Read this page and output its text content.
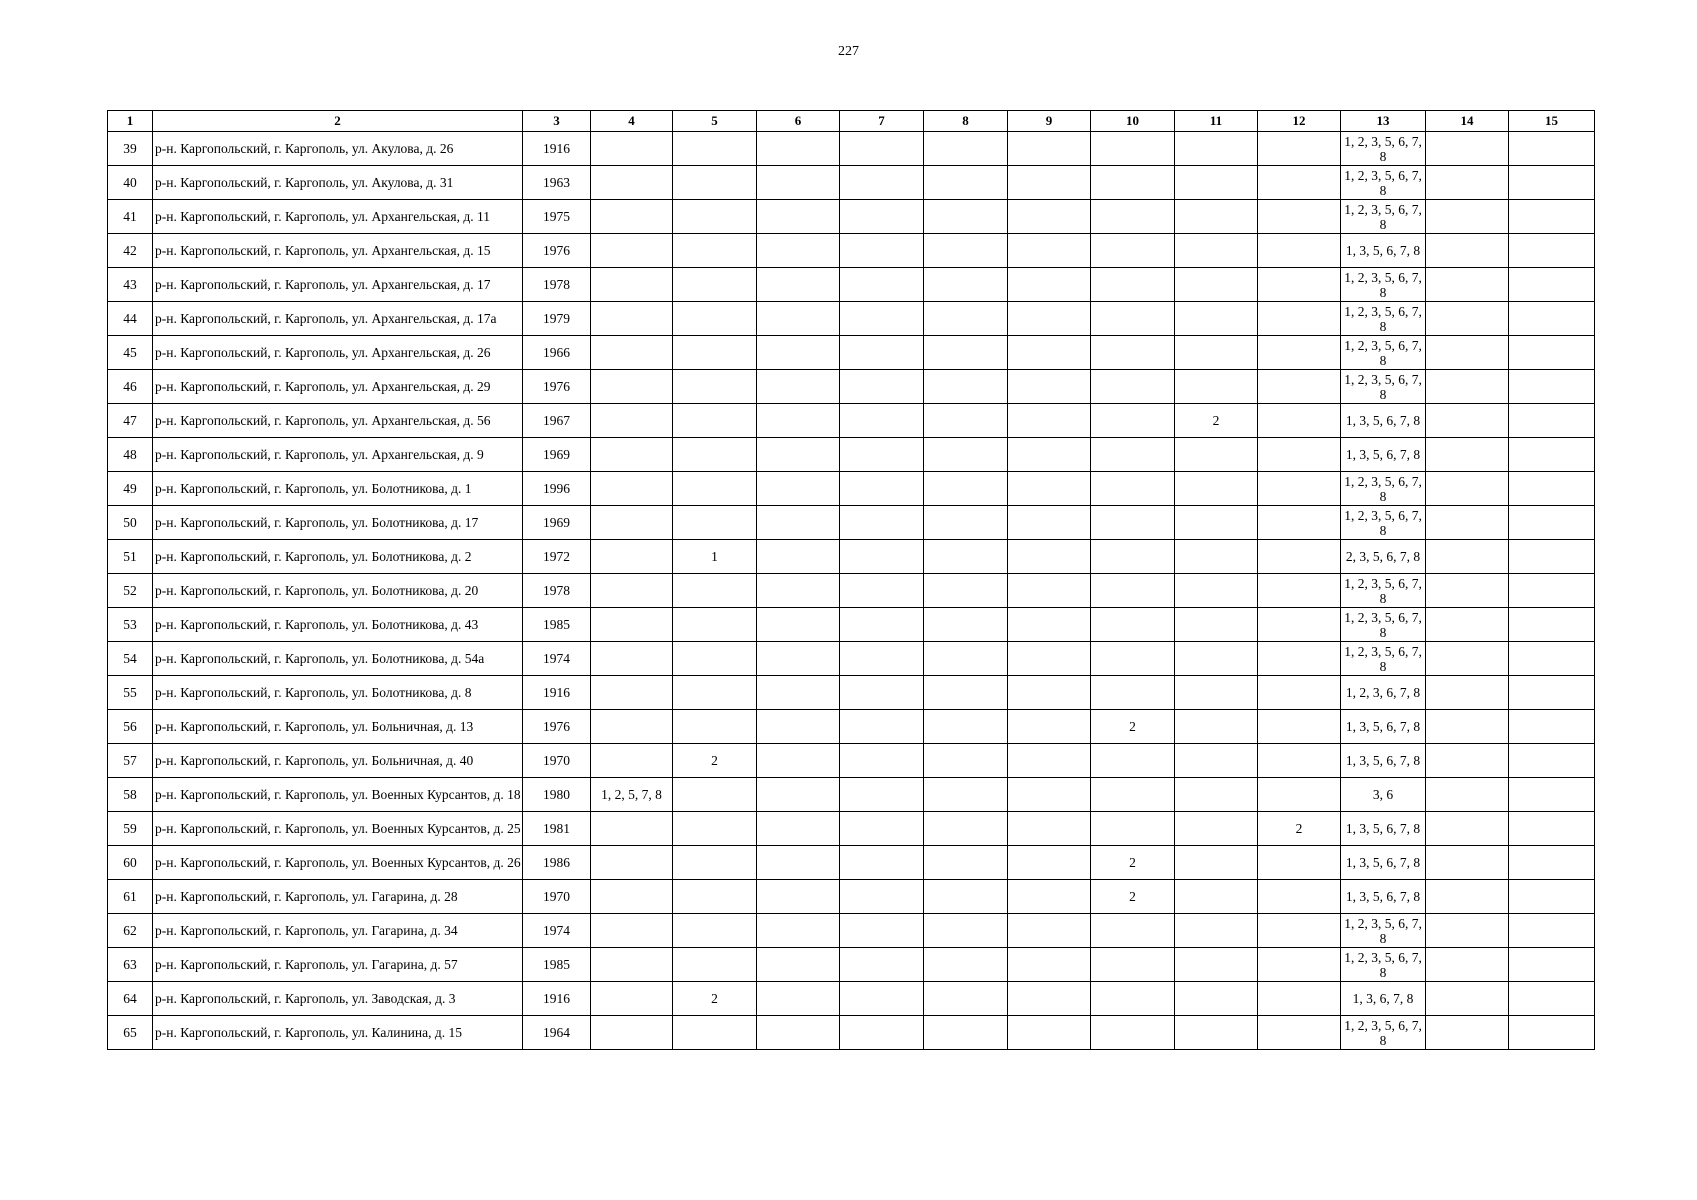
227
1	2	3	4	5	6	7	8	9	10	11	12	13	14	15
39	р-н. Каргопольский, г. Каргополь, ул. Акулова, д. 26	1916										1, 2, 3, 5, 6, 7, 8		
40	р-н. Каргопольский, г. Каргополь, ул. Акулова, д. 31	1963										1, 2, 3, 5, 6, 7, 8		
41	р-н. Каргопольский, г. Каргополь, ул. Архангельская, д. 11	1975										1, 2, 3, 5, 6, 7, 8		
42	р-н. Каргопольский, г. Каргополь, ул. Архангельская, д. 15	1976										1, 3, 5, 6, 7, 8		
43	р-н. Каргопольский, г. Каргополь, ул. Архангельская, д. 17	1978										1, 2, 3, 5, 6, 7, 8		
44	р-н. Каргопольский, г. Каргополь, ул. Архангельская, д. 17а	1979										1, 2, 3, 5, 6, 7, 8		
45	р-н. Каргопольский, г. Каргополь, ул. Архангельская, д. 26	1966										1, 2, 3, 5, 6, 7, 8		
46	р-н. Каргопольский, г. Каргополь, ул. Архангельская, д. 29	1976										1, 2, 3, 5, 6, 7, 8		
47	р-н. Каргопольский, г. Каргополь, ул. Архангельская, д. 56	1967								2		1, 3, 5, 6, 7, 8		
48	р-н. Каргопольский, г. Каргополь, ул. Архангельская, д. 9	1969										1, 3, 5, 6, 7, 8		
49	р-н. Каргопольский, г. Каргополь, ул. Болотникова, д. 1	1996										1, 2, 3, 5, 6, 7, 8		
50	р-н. Каргопольский, г. Каргополь, ул. Болотникова, д. 17	1969										1, 2, 3, 5, 6, 7, 8		
51	р-н. Каргопольский, г. Каргополь, ул. Болотникова, д. 2	1972		1								2, 3, 5, 6, 7, 8		
52	р-н. Каргопольский, г. Каргополь, ул. Болотникова, д. 20	1978										1, 2, 3, 5, 6, 7, 8		
53	р-н. Каргопольский, г. Каргополь, ул. Болотникова, д. 43	1985										1, 2, 3, 5, 6, 7, 8		
54	р-н. Каргопольский, г. Каргополь, ул. Болотникова, д. 54а	1974										1, 2, 3, 5, 6, 7, 8		
55	р-н. Каргопольский, г. Каргополь, ул. Болотникова, д. 8	1916										1, 2, 3, 6, 7, 8		
56	р-н. Каргопольский, г. Каргополь, ул. Больничная, д. 13	1976							2			1, 3, 5, 6, 7, 8		
57	р-н. Каргопольский, г. Каргополь, ул. Больничная, д. 40	1970		2								1, 3, 5, 6, 7, 8		
58	р-н. Каргопольский, г. Каргополь, ул. Военных Курсантов, д. 18	1980	1, 2, 5, 7, 8									3, 6		
59	р-н. Каргопольский, г. Каргополь, ул. Военных Курсантов, д. 25	1981									2	1, 3, 5, 6, 7, 8		
60	р-н. Каргопольский, г. Каргополь, ул. Военных Курсантов, д. 26	1986							2			1, 3, 5, 6, 7, 8		
61	р-н. Каргопольский, г. Каргополь, ул. Гагарина, д. 28	1970							2			1, 3, 5, 6, 7, 8		
62	р-н. Каргопольский, г. Каргополь, ул. Гагарина, д. 34	1974										1, 2, 3, 5, 6, 7, 8		
63	р-н. Каргопольский, г. Каргополь, ул. Гагарина, д. 57	1985										1, 2, 3, 5, 6, 7, 8		
64	р-н. Каргопольский, г. Каргополь, ул. Заводская, д. 3	1916		2								1, 3, 6, 7, 8		
65	р-н. Каргопольский, г. Каргополь, ул. Калинина, д. 15	1964										1, 2, 3, 5, 6, 7, 8		
